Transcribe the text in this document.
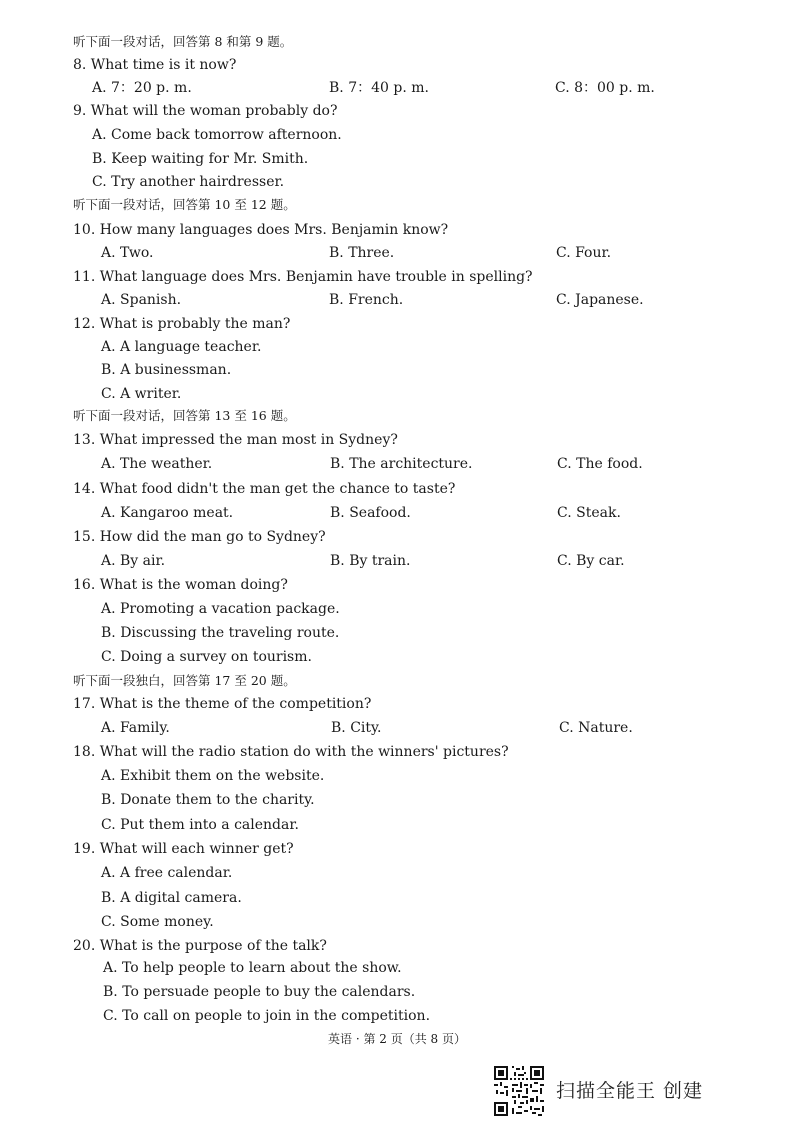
听下面一段对话，回答第 8 和第 9 题。
8. What time is it now?
A. 7：20 p. m.	B. 7：40 p. m.	C. 8：00 p. m.
9. What will the woman probably do?
A. Come back tomorrow afternoon.
B. Keep waiting for Mr. Smith.
C. Try another hairdresser.
听下面一段对话，回答第 10 至 12 题。
10. How many languages does Mrs. Benjamin know?
A. Two.	B. Three.	C. Four.
11. What language does Mrs. Benjamin have trouble in spelling?
A. Spanish.	B. French.	C. Japanese.
12. What is probably the man?
A. A language teacher.
B. A businessman.
C. A writer.
听下面一段对话，回答第 13 至 16 题。
13. What impressed the man most in Sydney?
A. The weather.	B. The architecture.	C. The food.
14. What food didn't the man get the chance to taste?
A. Kangaroo meat.	B. Seafood.	C. Steak.
15. How did the man go to Sydney?
A. By air.	B. By train.	C. By car.
16. What is the woman doing?
A. Promoting a vacation package.
B. Discussing the traveling route.
C. Doing a survey on tourism.
听下面一段独白，回答第 17 至 20 题。
17. What is the theme of the competition?
A. Family.	B. City.	C. Nature.
18. What will the radio station do with the winners' pictures?
A. Exhibit them on the website.
B. Donate them to the charity.
C. Put them into a calendar.
19. What will each winner get?
A. A free calendar.
B. A digital camera.
C. Some money.
20. What is the purpose of the talk?
A. To help people to learn about the show.
B. To persuade people to buy the calendars.
C. To call on people to join in the competition.
英语 · 第 2 页（共 8 页）
扫描全能王 创建
